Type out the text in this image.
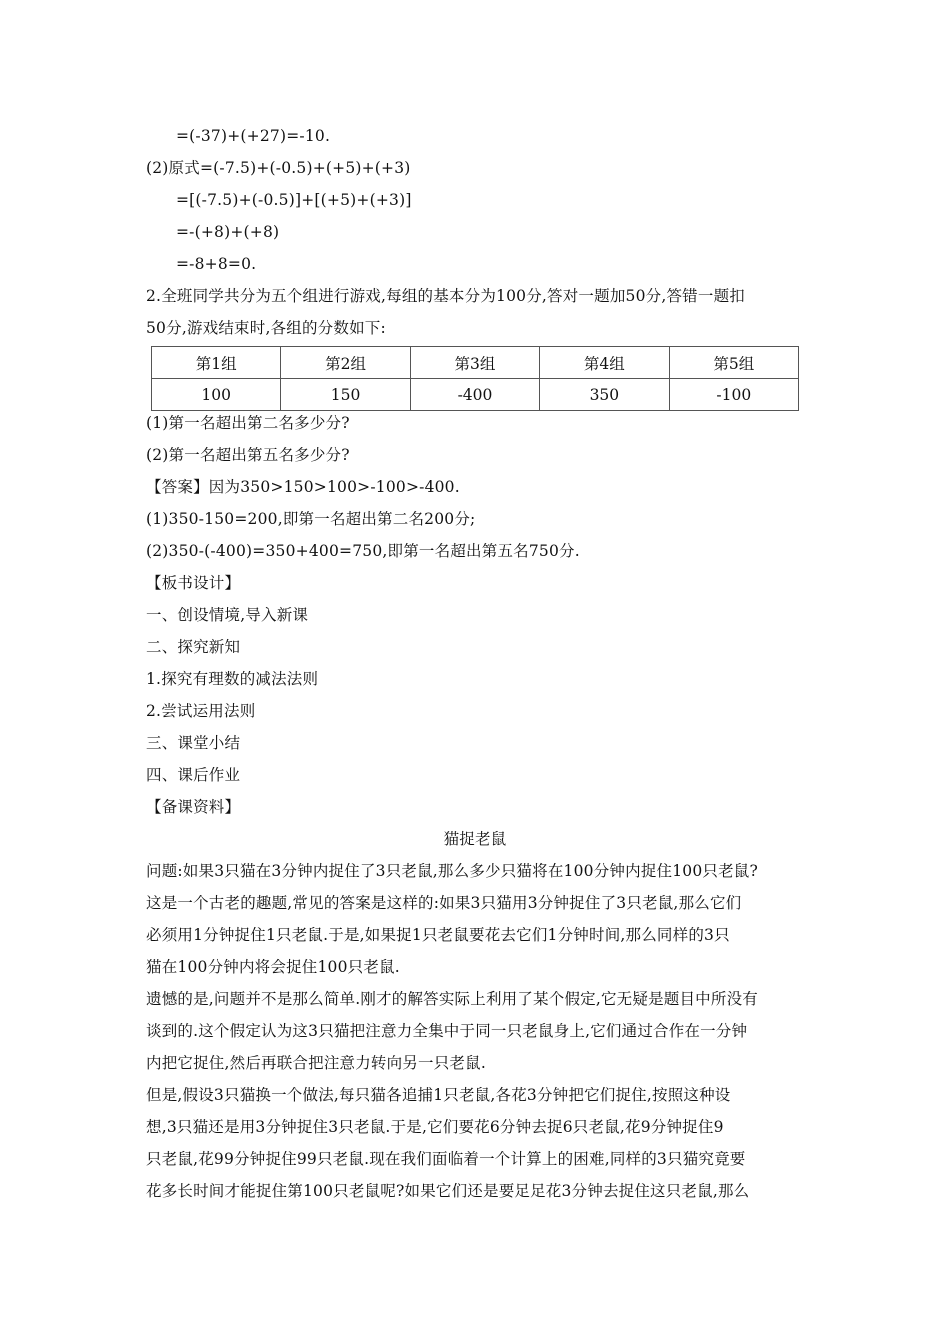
=(-37)+(+27)=-10.
(2)原式=(-7.5)+(-0.5)+(+5)+(+3)
=[(-7.5)+(-0.5)]+[(+5)+(+3)]
=-(+8)+(+8)
=-8+8=0.
2.全班同学共分为五个组进行游戏,每组的基本分为100分,答对一题加50分,答错一题扣
50分,游戏结束时,各组的分数如下:
第1组	第2组	第3组	第4组	第5组
100	150	-400	350	-100
(1)第一名超出第二名多少分?
(2)第一名超出第五名多少分?
【答案】因为350>150>100>-100>-400.
(1)350-150=200,即第一名超出第二名200分;
(2)350-(-400)=350+400=750,即第一名超出第五名750分.
【板书设计】
一、创设情境,导入新课
二、探究新知
1.探究有理数的减法法则
2.尝试运用法则
三、课堂小结
四、课后作业
【备课资料】
猫捉老鼠
问题:如果3只猫在3分钟内捉住了3只老鼠,那么多少只猫将在100分钟内捉住100只老鼠?
这是一个古老的趣题,常见的答案是这样的:如果3只猫用3分钟捉住了3只老鼠,那么它们
必须用1分钟捉住1只老鼠.于是,如果捉1只老鼠要花去它们1分钟时间,那么同样的3只
猫在100分钟内将会捉住100只老鼠.
遗憾的是,问题并不是那么简单.刚才的解答实际上利用了某个假定,它无疑是题目中所没有
谈到的.这个假定认为这3只猫把注意力全集中于同一只老鼠身上,它们通过合作在一分钟
内把它捉住,然后再联合把注意力转向另一只老鼠.
但是,假设3只猫换一个做法,每只猫各追捕1只老鼠,各花3分钟把它们捉住,按照这种设
想,3只猫还是用3分钟捉住3只老鼠.于是,它们要花6分钟去捉6只老鼠,花9分钟捉住9
只老鼠,花99分钟捉住99只老鼠.现在我们面临着一个计算上的困难,同样的3只猫究竟要
花多长时间才能捉住第100只老鼠呢?如果它们还是要足足花3分钟去捉住这只老鼠,那么
